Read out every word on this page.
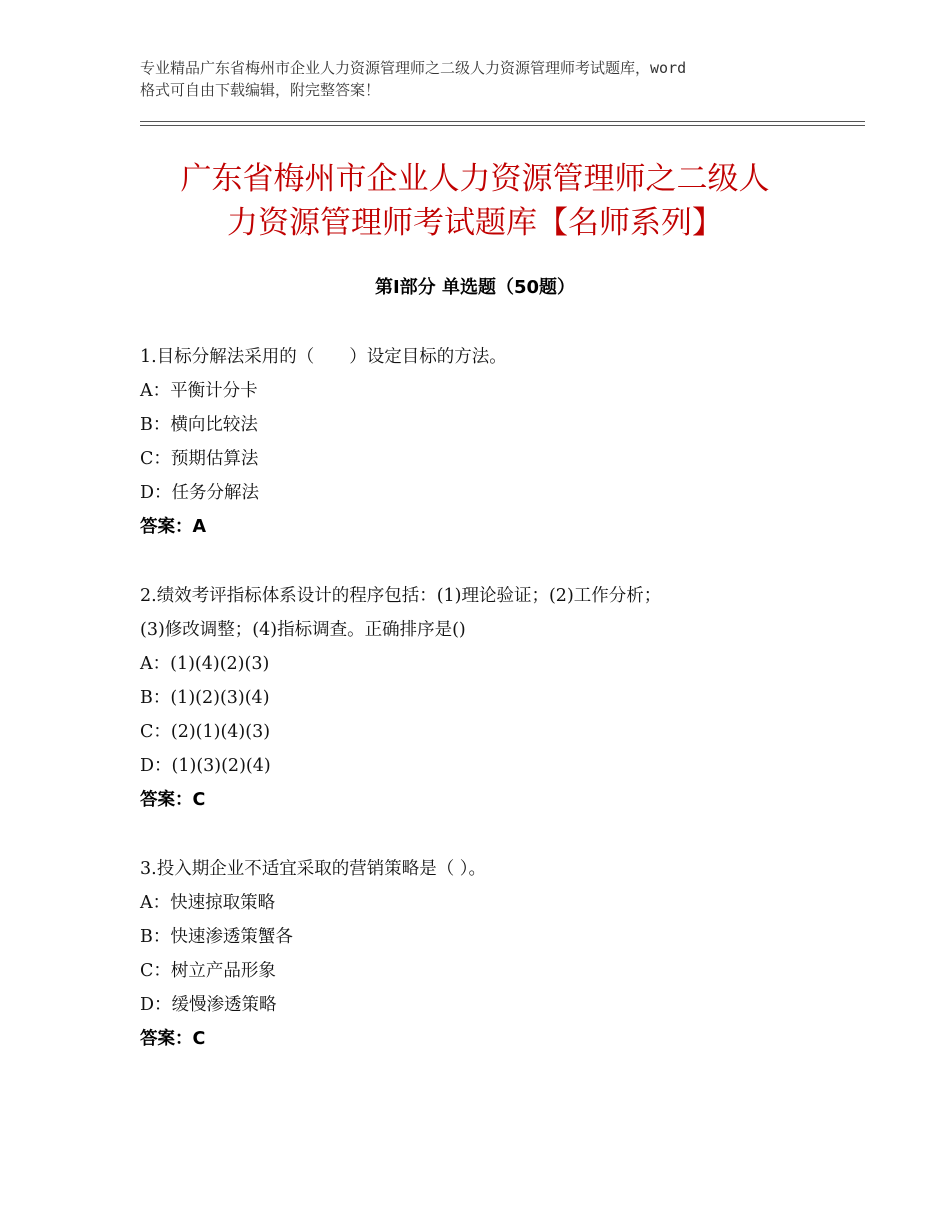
专业精品广东省梅州市企业人力资源管理师之二级人力资源管理师考试题库，word
格式可自由下载编辑，附完整答案！
广东省梅州市企业人力资源管理师之二级人
力资源管理师考试题库【名师系列】
第Ⅰ部分 单选题（50题）

1.目标分解法采用的（　　）设定目标的方法。

A：平衡计分卡

B：横向比较法

C：预期估算法

D：任务分解法

答案：A

2.绩效考评指标体系设计的程序包括：(1)理论验证；(2)工作分析；

(3)修改调整；(4)指标调查。正确排序是()

A：(1)(4)(2)(3)

B：(1)(2)(3)(4)

C：(2)(1)(4)(3)

D：(1)(3)(2)(4)

答案：C

3.投入期企业不适宜采取的营销策略是（ ）。

A：快速掠取策略

B：快速渗透策蟹各

C：树立产品形象

D：缓慢渗透策略

答案：C
